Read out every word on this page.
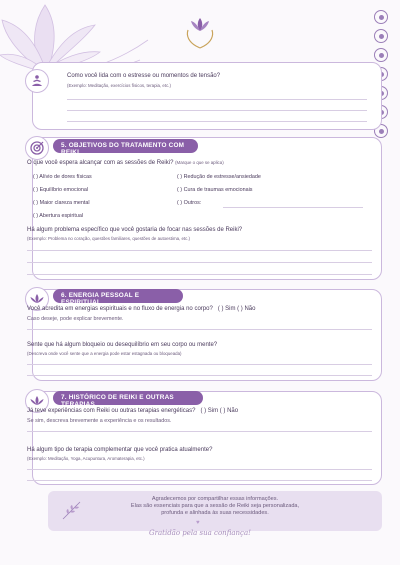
Como você lida com o estresse ou momentos de tensão?
(Exemplo: Meditação, exercícios físicos, terapia, etc.)
5. OBJETIVOS DO TRATAMENTO COM REIKI
O que você espera alcançar com as sessões de Reiki? (Marque o que se aplica)
( ) Alívio de dores físicas
( ) Equilíbrio emocional
( ) Maior clareza mental
( ) Abertura espiritual
( ) Redução de estresse/ansiedade
( ) Cura de traumas emocionais
( ) Outros:
Há algum problema específico que você gostaria de focar nas sessões de Reiki?
(Exemplo: Problema no coração, questões familiares, questões de autoestima, etc.)
6. ENERGIA PESSOAL E ESPIRITUAL
Você acredita em energias espirituais e no fluxo de energia no corpo? ( ) Sim ( ) Não
Caso deseje, pode explicar brevemente.
Sente que há algum bloqueio ou desequilíbrio em seu corpo ou mente?
(Descreva onde você sente que a energia pode estar estagnada ou bloqueada)
7. HISTÓRICO DE REIKI E OUTRAS TERAPIAS
Já teve experiências com Reiki ou outras terapias energéticas? ( ) Sim ( ) Não
Se sim, descreva brevemente a experiência e os resultados.
Há algum tipo de terapia complementar que você pratica atualmente?
(Exemplo: Meditação, Yoga, Acupuntura, Aromaterapia, etc.)

Agradecemos por compartilhar essas informações.

Elas são essenciais para que a sessão de Reiki seja personalizada,

profunda e alinhada às suas necessidades.

♥
Gratidão pela sua confiança!
